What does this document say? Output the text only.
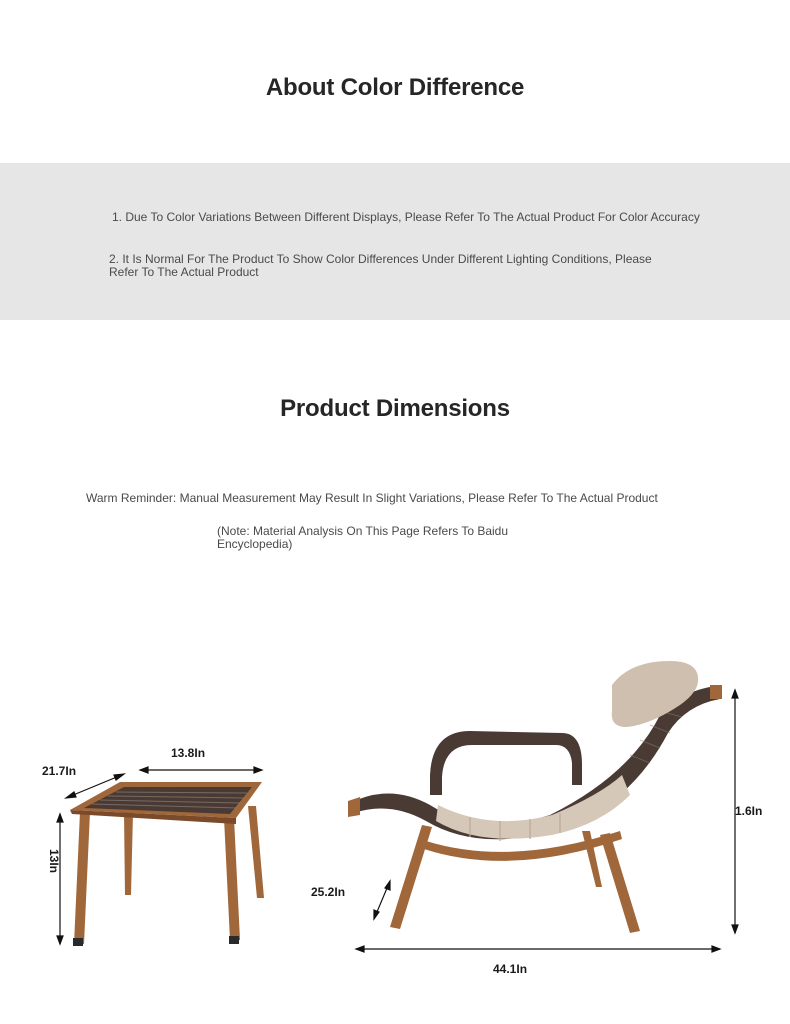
About Color Difference
1. Due To Color Variations Between Different Displays, Please Refer To The Actual Product For Color Accuracy
2. It Is Normal For The Product To Show Color Differences Under Different Lighting Conditions, Please Refer To The Actual Product
Product Dimensions
Warm Reminder: Manual Measurement May Result In Slight Variations, Please Refer To The Actual Product
(Note: Material Analysis On This Page Refers To Baidu Encyclopedia)
21.7In
13.8In
13In
1.6In
25.2In
44.1In
